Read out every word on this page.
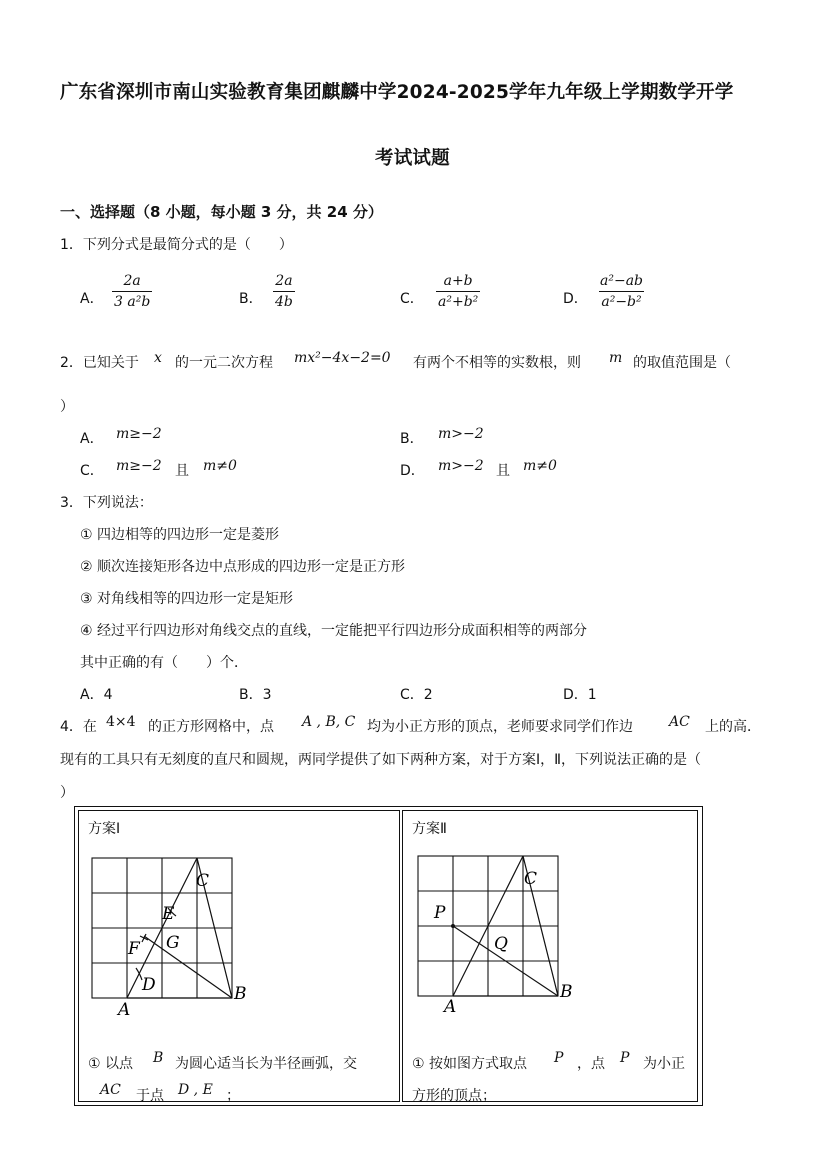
广东省深圳市南山实验教育集团麒麟中学2024-2025学年九年级上学期数学开学
考试试题
一、选择题（8 小题，每小题 3 分，共 24 分）
1．下列分式是最简分式的是（　　）
A． $\frac{2a}{\text{3 a²b}}$	B． $\frac{2a}{4b}$	C． $\frac{a+b}{\text{a²+b²}}$	D． $\frac{\text{a²−ab}}{\text{a²−b²}}$
2．已知关于 x 的一元二次方程 mx²−4x−2=0 有两个不相等的实数根，则 m 的取值范围是（
）
A． m≥−2	B． m>−2
C． m≥−2 且 m≠0	D． m>−2 且 m≠0
3．下列说法：
① 四边相等的四边形一定是菱形
② 顺次连接矩形各边中点形成的四边形一定是正方形
③ 对角线相等的四边形一定是矩形
④ 经过平行四边形对角线交点的直线，一定能把平行四边形分成面积相等的两部分
其中正确的有（　　）个．
A．4	B．3	C．2	D．1
4．在 4×4 的正方形网格中，点 A , B, C 均为小正方形的顶点，老师要求同学们作边	AC 上的高．
现有的工具只有无刻度的直尺和圆规，两同学提供了如下两种方案，对于方案Ⅰ，Ⅱ，下列说法正确的是（
）
方案Ⅰ	方案Ⅱ
C
E
G
F
D
A
B
C
P
Q
A
B
① 以点 B 为圆心适当长为半径画弧，交
AC 于点 D , E ；
① 按如图方式取点 P ，点 P 为小正
方形的顶点；
